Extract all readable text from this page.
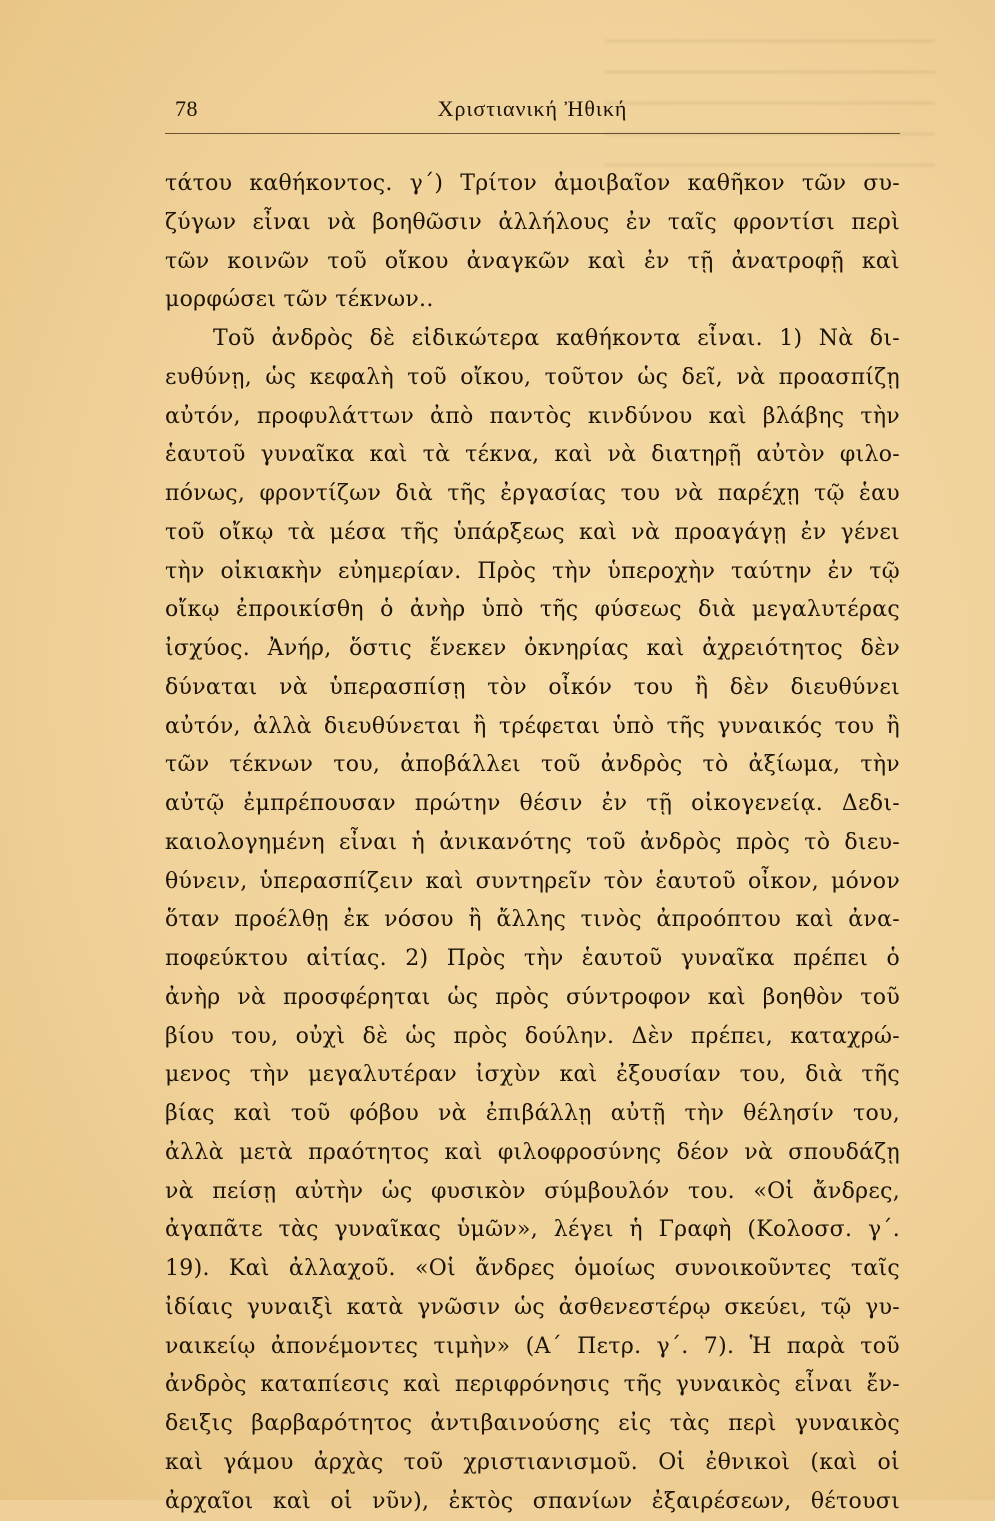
78	Χριστιανική Ἠθική
τάτου καθήκοντος. γ΄) Τρίτον ἀμοιβαῖον καθῆκον τῶν συ-
ζύγων εἶναι νὰ βοηθῶσιν ἀλλήλους ἐν ταῖς φροντίσι περὶ
τῶν κοινῶν τοῦ οἴκου ἀναγκῶν καὶ ἐν τῇ ἀνατροφῇ καὶ
μορφώσει τῶν τέκνων..
Τοῦ ἀνδρὸς δὲ εἰδικώτερα καθήκοντα εἶναι. 1) Νὰ δι-
ευθύνῃ, ὡς κεφαλὴ τοῦ οἴκου, τοῦτον ὡς δεῖ, νὰ προασπίζῃ
αὐτόν, προφυλάττων ἀπὸ παντὸς κινδύνου καὶ βλάβης τὴν
ἑαυτοῦ γυναῖκα καὶ τὰ τέκνα, καὶ νὰ διατηρῇ αὐτὸν φιλο-
πόνως, φροντίζων διὰ τῆς ἐργασίας του νὰ παρέχῃ τῷ ἑαυ
τοῦ οἴκῳ τὰ μέσα τῆς ὑπάρξεως καὶ νὰ προαγάγῃ ἐν γένει
τὴν οἰκιακὴν εὐημερίαν. Πρὸς τὴν ὑπεροχὴν ταύτην ἐν τῷ
οἴκῳ ἐπροικίσθη ὁ ἀνὴρ ὑπὸ τῆς φύσεως διὰ μεγαλυτέρας
ἰσχύος. Ἀνήρ, ὅστις ἕνεκεν ὀκνηρίας καὶ ἀχρειότητος δὲν
δύναται νὰ ὑπερασπίσῃ τὸν οἶκόν του ἢ δὲν διευθύνει
αὐτόν, ἀλλὰ διευθύνεται ἢ τρέφεται ὑπὸ τῆς γυναικός του ἢ
τῶν τέκνων του, ἀποβάλλει τοῦ ἀνδρὸς τὸ ἀξίωμα, τὴν
αὐτῷ ἐμπρέπουσαν πρώτην θέσιν ἐν τῇ οἰκογενείᾳ. Δεδι-
καιολογημένη εἶναι ἡ ἀνικανότης τοῦ ἀνδρὸς πρὸς τὸ διευ-
θύνειν, ὑπερασπίζειν καὶ συντηρεῖν τὸν ἑαυτοῦ οἶκον, μόνον
ὅταν προέλθῃ ἐκ νόσου ἢ ἄλλης τινὸς ἀπροόπτου καὶ ἀνα-
ποφεύκτου αἰτίας. 2) Πρὸς τὴν ἑαυτοῦ γυναῖκα πρέπει ὁ
ἀνὴρ νὰ προσφέρηται ὡς πρὸς σύντροφον καὶ βοηθὸν τοῦ
βίου του, οὐχὶ δὲ ὡς πρὸς δούλην. Δὲν πρέπει, καταχρώ-
μενος τὴν μεγαλυτέραν ἰσχὺν καὶ ἐξουσίαν του, διὰ τῆς
βίας καὶ τοῦ φόβου νὰ ἐπιβάλλῃ αὐτῇ τὴν θέλησίν του,
ἀλλὰ μετὰ πραότητος καὶ φιλοφροσύνης δέον νὰ σπουδάζῃ
νὰ πείσῃ αὐτὴν ὡς φυσικὸν σύμβουλόν του. «Οἱ ἄνδρες,
ἀγαπᾶτε τὰς γυναῖκας ὑμῶν», λέγει ἡ Γραφὴ (Κολοσσ. γ΄.
19). Καὶ ἀλλαχοῦ. «Οἱ ἄνδρες ὁμοίως συνοικοῦντες ταῖς
ἰδίαις γυναιξὶ κατὰ γνῶσιν ὡς ἀσθενεστέρῳ σκεύει, τῷ γυ-
ναικείῳ ἀπονέμοντες τιμὴν» (Α΄ Πετρ. γ΄. 7). Ἡ παρὰ τοῦ
ἀνδρὸς καταπίεσις καὶ περιφρόνησις τῆς γυναικὸς εἶναι ἔν-
δειξις βαρβαρότητος ἀντιβαινούσης εἰς τὰς περὶ γυναικὸς
καὶ γάμου ἀρχὰς τοῦ χριστιανισμοῦ. Οἱ ἐθνικοὶ (καὶ οἱ
ἀρχαῖοι καὶ οἱ νῦν), ἐκτὸς σπανίων ἐξαιρέσεων, θέτουσι
